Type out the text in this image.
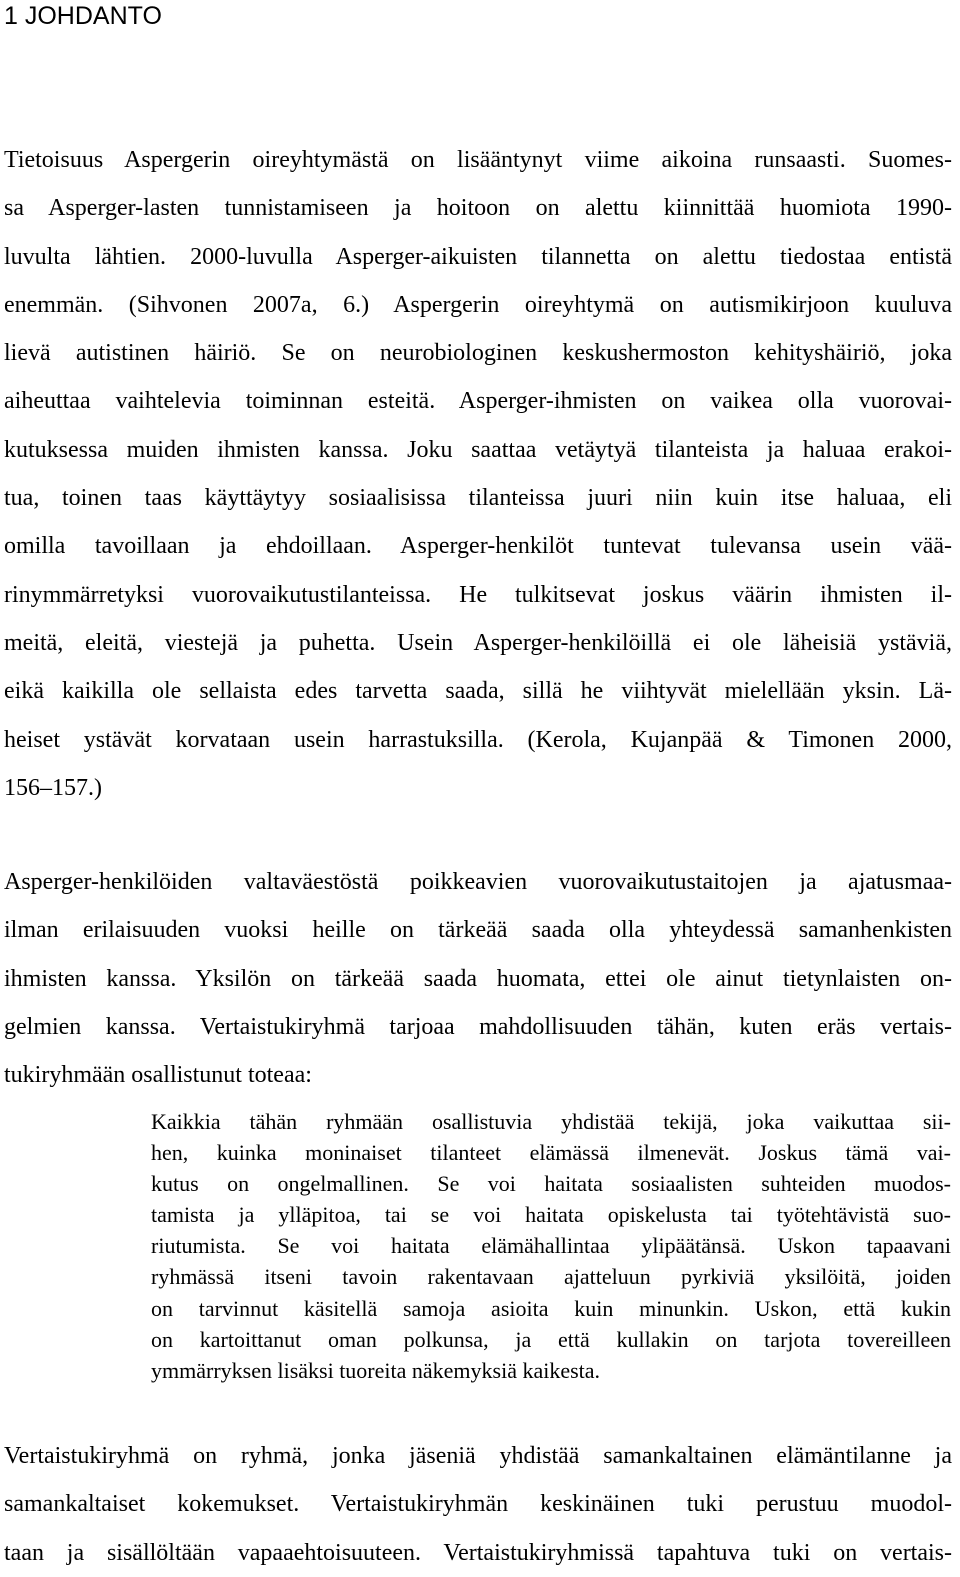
1 JOHDANTO
Tietoisuus Aspergerin oireyhtymästä on lisääntynyt viime aikoina runsaasti. Suomes-
sa Asperger-lasten tunnistamiseen ja hoitoon on alettu kiinnittää huomiota 1990-
luvulta lähtien. 2000-luvulla Asperger-aikuisten tilannetta on alettu tiedostaa entistä
enemmän. (Sihvonen 2007a, 6.) Aspergerin oireyhtymä on autismikirjoon kuuluva
lievä autistinen häiriö. Se on neurobiologinen keskushermoston kehityshäiriö, joka
aiheuttaa vaihtelevia toiminnan esteitä. Asperger-ihmisten on vaikea olla vuorovai-
kutuksessa muiden ihmisten kanssa. Joku saattaa vetäytyä tilanteista ja haluaa erakoi-
tua, toinen taas käyttäytyy sosiaalisissa tilanteissa juuri niin kuin itse haluaa, eli
omilla tavoillaan ja ehdoillaan. Asperger-henkilöt tuntevat tulevansa usein vää-
rinymmärretyksi vuorovaikutustilanteissa. He tulkitsevat joskus väärin ihmisten il-
meitä, eleitä, viestejä ja puhetta. Usein Asperger-henkilöillä ei ole läheisiä ystäviä,
eikä kaikilla ole sellaista edes tarvetta saada, sillä he viihtyvät mielellään yksin. Lä-
heiset ystävät korvataan usein harrastuksilla. (Kerola, Kujanpää & Timonen 2000,
156–157.)
Asperger-henkilöiden valtaväestöstä poikkeavien vuorovaikutustaitojen ja ajatusmaa-
ilman erilaisuuden vuoksi heille on tärkeää saada olla yhteydessä samanhenkisten
ihmisten kanssa. Yksilön on tärkeää saada huomata, ettei ole ainut tietynlaisten on-
gelmien kanssa. Vertaistukiryhmä tarjoaa mahdollisuuden tähän, kuten eräs vertais-
tukiryhmään osallistunut toteaa:
Kaikkia tähän ryhmään osallistuvia yhdistää tekijä, joka vaikuttaa sii-
hen, kuinka moninaiset tilanteet elämässä ilmenevät. Joskus tämä vai-
kutus on ongelmallinen. Se voi haitata sosiaalisten suhteiden muodos-
tamista ja ylläpitoa, tai se voi haitata opiskelusta tai työtehtävistä suo-
riutumista. Se voi haitata elämähallintaa ylipäätänsä. Uskon tapaavani
ryhmässä itseni tavoin rakentavaan ajatteluun pyrkiviä yksilöitä, joiden
on tarvinnut käsitellä samoja asioita kuin minunkin. Uskon, että kukin
on kartoittanut oman polkunsa, ja että kullakin on tarjota tovereilleen
ymmärryksen lisäksi tuoreita näkemyksiä kaikesta.
Vertaistukiryhmä on ryhmä, jonka jäseniä yhdistää samankaltainen elämäntilanne ja
samankaltaiset kokemukset. Vertaistukiryhmän keskinäinen tuki perustuu muodol-
taan ja sisällöltään vapaaehtoisuuteen. Vertaistukiryhmissä tapahtuva tuki on vertais-
